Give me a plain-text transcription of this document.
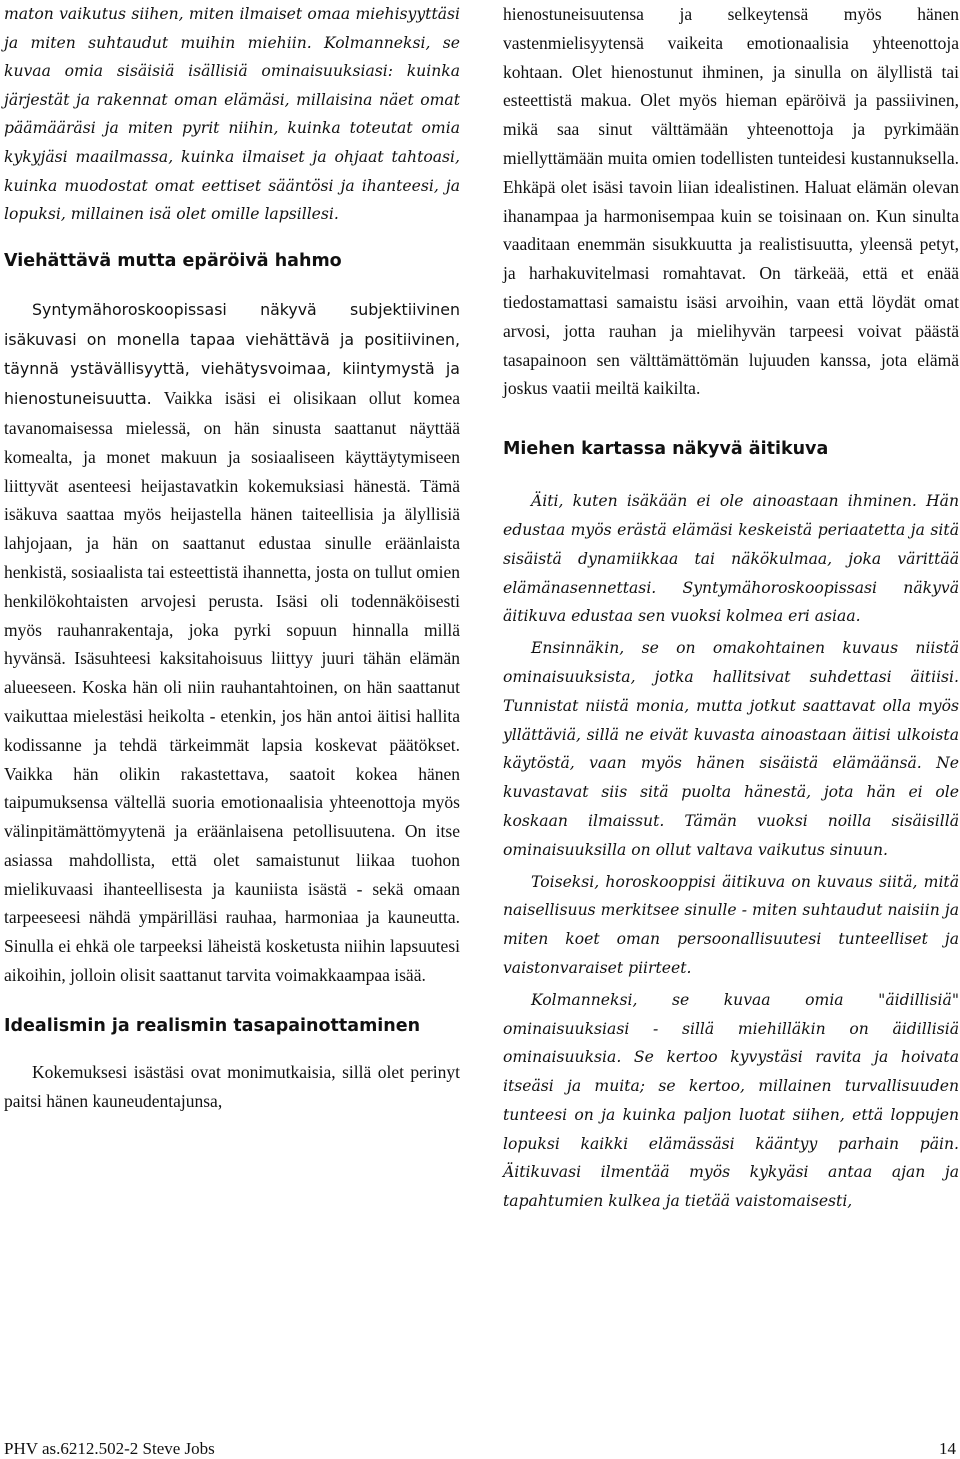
maton vaikutus siihen, miten ilmaiset omaa miehisyyttäsi ja miten suhtaudut muihin miehiin. Kolmanneksi, se kuvaa omia sisäisiä isällisiä ominaisuuksiasi: kuinka järjestät ja rakennat oman elämäsi, millaisina näet omat päämääräsi ja miten pyrit niihin, kuinka toteutat omia kykyjäsi maailmassa, kuinka ilmaiset ja ohjaat tahtoasi, kuinka muodostat omat eettiset sääntösi ja ihanteesi, ja lopuksi, millainen isä olet omille lapsillesi.

Viehättävä mutta epäröivä hahmo

Syntymähoroskoopissasi näkyvä subjektiivinen isäkuvasi on monella tapaa viehättävä ja positiivinen, täynnä ystävällisyyttä, viehätysvoimaa, kiintymystä ja hienostuneisuutta. Vaikka isäsi ei olisikaan ollut komea tavanomaisessa mielessä, on hän sinusta saattanut näyttää komealta, ja monet makuun ja sosiaaliseen käyttäytymiseen liittyvät asenteesi heijastavatkin kokemuksiasi hänestä. Tämä isäkuva saattaa myös heijastella hänen taiteellisia ja älyllisiä lahjojaan, ja hän on saattanut edustaa sinulle eräänlaista henkistä, sosiaalista tai esteettistä ihannetta, josta on tullut omien henkilökohtaisten arvojesi perusta. Isäsi oli todennäköisesti myös rauhanrakentaja, joka pyrki sopuun hinnalla millä hyvänsä. Isäsuhteesi kaksitahoisuus liittyy juuri tähän elämän alueeseen. Koska hän oli niin rauhantahtoinen, on hän saattanut vaikuttaa mielestäsi heikolta - etenkin, jos hän antoi äitisi hallita kodissanne ja tehdä tärkeimmät lapsia koskevat päätökset. Vaikka hän olikin rakastettava, saatoit kokea hänen taipumuksensa vältellä suoria emotionaalisia yhteenottoja myös välinpitämättömyytenä ja eräänlaisena petollisuutena. On itse asiassa mahdollista, että olet samaistunut liikaa tuohon mielikuvaasi ihanteellisesta ja kauniista isästä - sekä omaan tarpeeseesi nähdä ympärilläsi rauhaa, harmoniaa ja kauneutta. Sinulla ei ehkä ole tarpeeksi läheistä kosketusta niihin lapsuutesi aikoihin, jolloin olisit saattanut tarvita voimakkaampaa isää.

Idealismin ja realismin tasapainottaminen

Kokemuksesi isästäsi ovat monimutkaisia, sillä olet perinyt paitsi hänen kauneudentajunsa,

hienostuneisuutensa ja selkeytensä myös hänen vastenmielisyytensä vaikeita emotionaalisia yhteenottoja kohtaan. Olet hienostunut ihminen, ja sinulla on älyllistä tai esteettistä makua. Olet myös hieman epäröivä ja passiivinen, mikä saa sinut välttämään yhteenottoja ja pyrkimään miellyttämään muita omien todellisten tunteidesi kustannuksella. Ehkäpä olet isäsi tavoin liian idealistinen. Haluat elämän olevan ihanampaa ja harmonisempaa kuin se toisinaan on. Kun sinulta vaaditaan enemmän sisukkuutta ja realistisuutta, yleensä petyt, ja harhakuvitelmasi romahtavat. On tärkeää, että et enää tiedostamattasi samaistu isäsi arvoihin, vaan että löydät omat arvosi, jotta rauhan ja mielihyvän tarpeesi voivat päästä tasapainoon sen välttämättömän lujuuden kanssa, jota elämä joskus vaatii meiltä kaikilta.

Miehen kartassa näkyvä äitikuva

Äiti, kuten isäkään ei ole ainoastaan ihminen. Hän edustaa myös erästä elämäsi keskeistä periaatetta ja sitä sisäistä dynamiikkaa tai näkökulmaa, joka värittää elämänasennettasi. Syntymähoroskoopissasi näkyvä äitikuva edustaa sen vuoksi kolmea eri asiaa.

Ensinnäkin, se on omakohtainen kuvaus niistä ominaisuuksista, jotka hallitsivat suhdettasi äitiisi. Tunnistat niistä monia, mutta jotkut saattavat olla myös yllättäviä, sillä ne eivät kuvasta ainoastaan äitisi ulkoista käytöstä, vaan myös hänen sisäistä elämäänsä. Ne kuvastavat siis sitä puolta hänestä, jota hän ei ole koskaan ilmaissut. Tämän vuoksi noilla sisäisillä ominaisuuksilla on ollut valtava vaikutus sinuun.

Toiseksi, horoskooppisi äitikuva on kuvaus siitä, mitä naisellisuus merkitsee sinulle - miten suhtaudut naisiin ja miten koet oman persoonallisuutesi tunteelliset ja vaistonvaraiset piirteet.

Kolmanneksi, se kuvaa omia "äidillisiä" ominaisuuksiasi - sillä miehilläkin on äidillisiä ominaisuuksia. Se kertoo kyvystäsi ravita ja hoivata itseäsi ja muita; se kertoo, millainen turvallisuuden tunteesi on ja kuinka paljon luotat siihen, että loppujen lopuksi kaikki elämässäsi kääntyy parhain päin. Äitikuvasi ilmentää myös kykyäsi antaa ajan ja tapahtumien kulkea ja tietää vaistomaisesti,

PHV as.6212.502-2 Steve Jobs	14
